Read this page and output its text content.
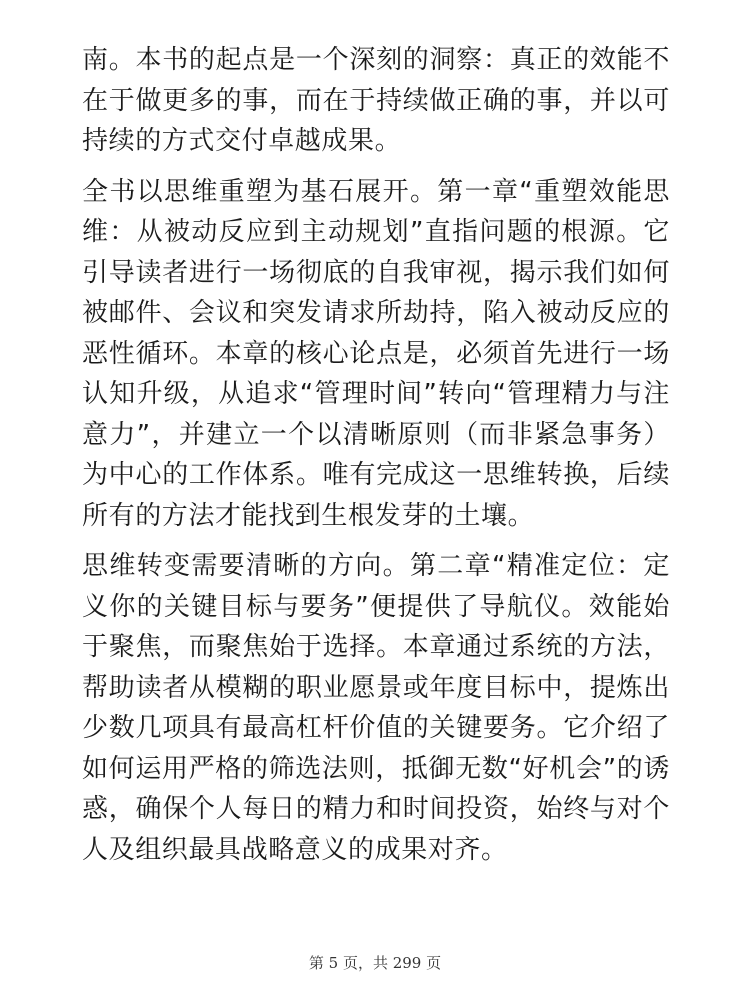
南。本书的起点是一个深刻的洞察：真正的效能不在于做更多的事，而在于持续做正确的事，并以可持续的方式交付卓越成果。

全书以思维重塑为基石展开。第一章“重塑效能思维：从被动反应到主动规划”直指问题的根源。它引导读者进行一场彻底的自我审视，揭示我们如何被邮件、会议和突发请求所劫持，陷入被动反应的恶性循环。本章的核心论点是，必须首先进行一场认知升级，从追求“管理时间”转向“管理精力与注意力”，并建立一个以清晰原则（而非紧急事务）为中心的工作体系。唯有完成这一思维转换，后续所有的方法才能找到生根发芽的土壤。

思维转变需要清晰的方向。第二章“精准定位：定义你的关键目标与要务”便提供了导航仪。效能始于聚焦，而聚焦始于选择。本章通过系统的方法，帮助读者从模糊的职业愿景或年度目标中，提炼出少数几项具有最高杠杆价值的关键要务。它介绍了如何运用严格的筛选法则，抵御无数“好机会”的诱惑，确保个人每日的精力和时间投资，始终与对个人及组织最具战略意义的成果对齐。

第 5 页，共 299 页
